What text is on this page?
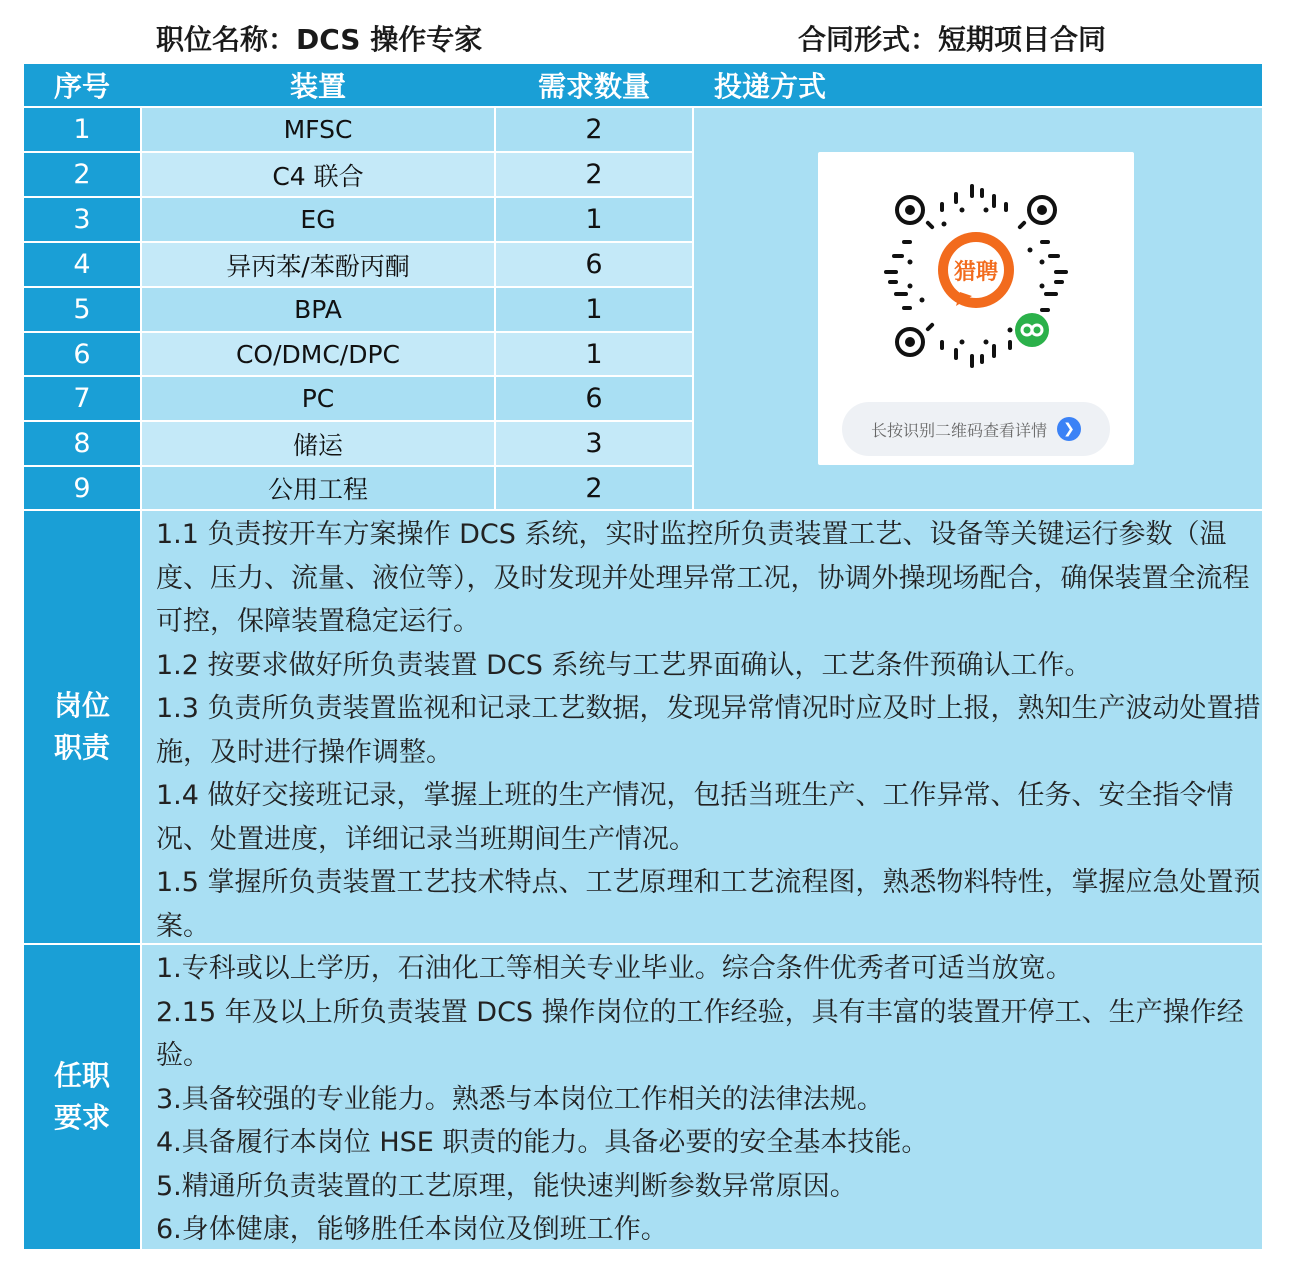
职位名称：DCS 操作专家	合同形式：短期项目合同
序号	装置	需求数量	投递方式
1	MFSC	2
2	C4 联合	2
3	EG	1
4	异丙苯/苯酚丙酮	6
5	BPA	1
6	CO/DMC/DPC	1
7	PC	6
8	储运	3
9	公用工程	2
猎聘
长按识别二维码查看详情	❯
岗位
职责

1.1 负责按开车方案操作 DCS 系统，实时监控所负责装置工艺、设备等关键运行参数（温度、压力、流量、液位等），及时发现并处理异常工况，协调外操现场配合，确保装置全流程可控，保障装置稳定运行。

1.2 按要求做好所负责装置 DCS 系统与工艺界面确认，工艺条件预确认工作。

1.3 负责所负责装置监视和记录工艺数据，发现异常情况时应及时上报，熟知生产波动处置措施，及时进行操作调整。

1.4 做好交接班记录，掌握上班的生产情况，包括当班生产、工作异常、任务、安全指令情况、处置进度，详细记录当班期间生产情况。

1.5 掌握所负责装置工艺技术特点、工艺原理和工艺流程图，熟悉物料特性，掌握应急处置预案。

任职
要求

1.专科或以上学历，石油化工等相关专业毕业。综合条件优秀者可适当放宽。

2.15 年及以上所负责装置 DCS 操作岗位的工作经验，具有丰富的装置开停工、生产操作经验。

3.具备较强的专业能力。熟悉与本岗位工作相关的法律法规。

4.具备履行本岗位 HSE 职责的能力。具备必要的安全基本技能。

5.精通所负责装置的工艺原理，能快速判断参数异常原因。

6.身体健康，能够胜任本岗位及倒班工作。
